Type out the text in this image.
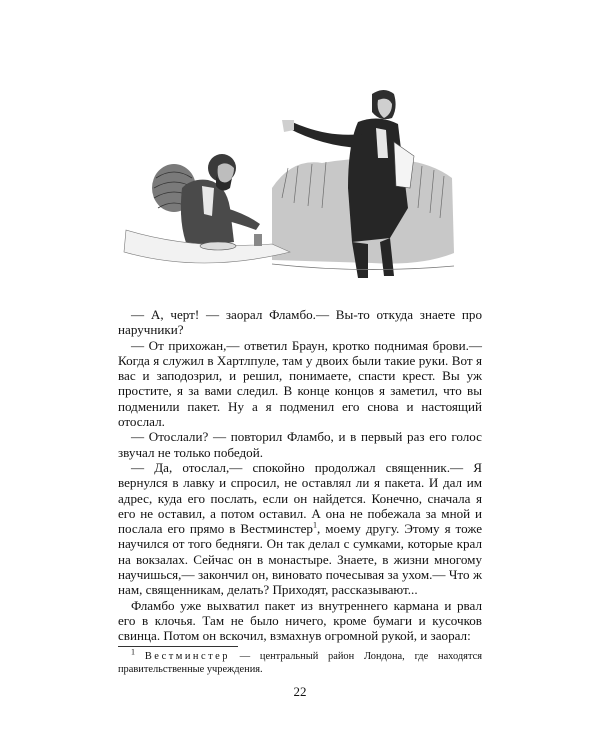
— А, черт! — заорал Фламбо.— Вы-то откуда знаете про наручники?

— От прихожан,— ответил Браун, кротко поднимая брови.— Когда я служил в Хартлпуле, там у двоих были такие руки. Вот я вас и заподозрил, и решил, понимаете, спасти крест. Вы уж простите, я за вами следил. В конце концов я заметил, что вы подменили пакет. Ну а я подменил его снова и настоящий отослал.

— Отослали? — повторил Фламбо, и в первый раз его голос звучал не только победой.

— Да, отослал,— спокойно продолжал священник.— Я вернулся в лавку и спросил, не оставлял ли я пакета. И дал им адрес, куда его послать, если он найдется. Конечно, сначала я его не оставил, а потом оставил. А она не побежала за мной и послала его прямо в Вестминстер$^1$, моему другу. Этому я тоже научился от того бедняги. Он так делал с сумками, которые крал на вокзалах. Сейчас он в монастыре. Знаете, в жизни многому научишься,— закончил он, виновато почесывая за ухом.— Что ж нам, священникам, делать? Приходят, рассказывают...

Фламбо уже выхватил пакет из внутреннего кармана и рвал его в клочья. Там не было ничего, кроме бумаги и кусочков свинца. Потом он вскочил, взмахнув огромной рукой, и заорал:

$^1$ Вестминстер — центральный район Лондона, где находятся правительственные учреждения.

22
